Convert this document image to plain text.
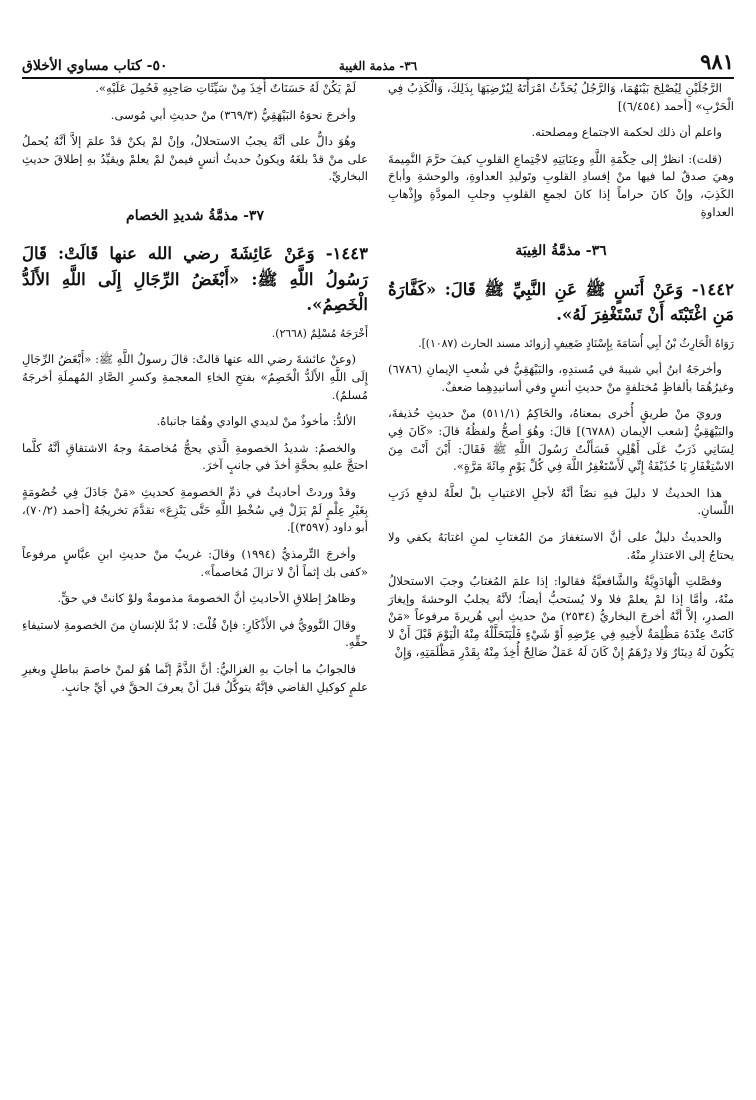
٩٨١
٣٦- مذمة الغيبة
٥٠- كتاب مساوي الأخلاق
الرَّجُلَيْنِ لِيُصْلِحَ بَيْنَهُمَا، وَالرَّجُلُ يُحَدِّثُ امْرَأَتَهُ لِيُرْضِيَهَا بِذَلِكَ، وَالْكَذِبُ فِي الْحَرْبِ» [أحمد (٦/٤٥٤)]
واعلم أن ذلك لحكمة الاجتماع ومصلحته.
(قلت): انظرْ إلى حِكْمَةِ اللَّهِ وعِنَايَتِهِ لاجْتِماعِ القلوبِ كيفَ حرَّمَ النَّمِيمةَ وهيَ صدقٌ لما فيها منْ إفسادِ القلوبِ وتَوليدِ العداوةِ، والوحشةِ وأباحَ الكَذِبَ، وإنْ كانَ حراماً إذا كانَ لجمعِ القلوبِ وجلبِ المودَّةِ وإِذْهابِ العداوةِ
٣٦- مذمَّةُ الغِيبَة
١٤٤٢- وَعَنْ أَنَسٍ ﷺ عَنِ النَّبِيِّ ﷺ قَالَ: «كَفَّارَةُ مَنِ اغْتَبْتَه أَنْ تَسْتَغْفِرَ لَهُ».
رَوَاهُ الْحَارِثُ بْنُ أَبِي أُسَامَةَ بِإِسْنَادٍ ضَعِيفٍ [زوائد مسند الحارث (١٠٨٧)].
وأخرجَهُ ابنُ أبي شيبةَ في مُسندِهِ، والبَيْهَقِيُّ في شُعبِ الإيمانِ (٦٧٨٦) وغيرُهُمَا بألفاظٍ مُختلفةٍ منْ حديثِ أنسٍ وفي أسانيدِهِما ضعفٌ.
ورويَ منْ طريقٍ أُخرى بمعناهُ، والحَاكِمُ (٥١١/١) منْ حديثِ حُذيفةَ، والبَيْهَقِيُّ [شعب الإيمان (٦٧٨٨)] قالَ: وهُوَ أصحُّ ولفظُهُ قالَ: «كَانَ فِي لِسَانِي ذَرَبٌ عَلَى أَهْلِي فَسَأَلْتُ رَسُولَ اللَّهِ ﷺ فَقَالَ: أَيْنَ أَنْتَ مِنَ الاسْتِغْفَارِ يَا حُذَيْفَةُ إِنِّي لَأَسْتَغْفِرُ اللَّهَ فِي كُلِّ يَوْمٍ مِائَةَ مَرَّةٍ».
هذا الحديثُ لا دليلَ فيهِ نصّاً أنَّهُ لأجلِ الاغتيابِ بلْ لعلَّهُ لدفعِ ذَرَبِ اللِّسانِ.
والحديثُ دليلٌ على أنَّ الاستغفارَ منَ المُغتابِ لمنِ اغتابَهُ يكفي ولا يحتاجُ إلى الاعتذارِ منْهُ.
وفصَّلتِ الْهَادَوِيَّةُ والشَّافعيَّةُ فقالوا: إذا علمَ المُغتابُ وجبَ الاستحلالُ منْهُ، وأمَّا إذا لمْ يعلمْ فلا ولا يُستحبُّ أيضاً؛ لأنَّهُ يجلبُ الوحشةَ وإيغارَ الصدرِ، إلاَّ أنَّهُ أخرجَ البخاريُّ (٢٥٣٤) منْ حديثِ أبي هُريرةَ مرفوعاً «مَنْ كَانَتْ عِنْدَهُ مَظْلِمَةٌ لأَخِيهِ فِي عِرْضِهِ أَوْ شَيْءٍ فَلْيَتَحَلَّلْهُ مِنْهُ الْيَوْمَ قَبْلَ أَنْ لا يَكُونَ لَهُ دِينَارٌ وَلا دِرْهَمٌ إِنْ كَانَ لَهُ عَمَلٌ صَالِحٌ أُخِذَ مِنْهُ بِقَدْرِ مَظْلَمَتِهِ، وَإِنْ
لَمْ يَكُنْ لَهُ حَسَنَاتٌ أُخِذَ مِنْ سَيِّئَاتِ صَاحِبِهِ فَحُمِلَ عَلَيْهِ».
وأخرجَ نحوَهُ البَيْهَقِيُّ (٣٦٩/٣) منْ حديثِ أبي مُوسى.
وهُوَ دالٌّ على أنَّهُ يجبُ الاستحلالُ، وإنْ لمْ يكنْ قدْ علمَ إلاَّ أنَّهُ يُحملُ على منْ قدْ بلغَهُ ويكونُ حديثُ أنسٍ فيمنْ لمْ يعلمْ ويقيِّدُ بهِ إطلاقَ حديثِ البخاريِّ.
٣٧- مذمَّةُ شديدِ الخصام
١٤٤٣- وَعَنْ عَائِشَةَ رضي الله عنها قَالَتْ: قَالَ رَسُولُ اللَّهِ ﷺ: «أَبْغَضُ الرِّجَالِ إِلَى اللَّهِ الأَلَدُّ الْخَصِمُ».
أَخْرَجَهُ مُسْلِمٌ (٢٦٦٨).
(وعنْ عائشةَ رضي الله عنها قالتْ: قالَ رسولُ اللَّهِ ﷺ: «أَبْغَضُ الرِّجَالِ إِلَى اللَّهِ الأَلَدُّ الْخَصِمُ» بفتحِ الخاءِ المعجمةِ وكسرِ الصَّادِ المُهملَةِ أخرجَهُ مُسلمٌ).
الألدُّ: مأخوذٌ منْ لديدي الوادي وهُمَا جانباهُ.
والخصمُ: شديدُ الخصومةِ الَّذي يحجُّ مُخاصمَهُ وجهُ الاشتقاقِ أنَّهُ كلَّما احتجَّ عليهِ بحجَّةٍ أخذَ في جانبٍ آخرَ.
وقدْ وردتْ أحاديثُ في ذمِّ الخصومةِ كحديثِ «مَنْ جَادَلَ فِي خُصُومَةٍ بِغَيْرِ عِلْمٍ لَمْ يَزَلْ فِي سُخْطِ اللَّهِ حَتَّى يَنْزِعَ» تقدَّمَ تخريجُهُ [أحمد (٧٠/٢)، أبو داود (٣٥٩٧)].
وأخرجَ التِّرمذيُّ (١٩٩٤) وقالَ: غريبٌ منْ حديثِ ابنِ عبَّاسٍ مرفوعاً «كفى بك إثماً أنْ لا تزالَ مُخاصماً».
وظاهرُ إطلاقِ الأحاديثِ أنَّ الخصومةَ مذمومةٌ ولوْ كانتْ في حقٍّ.
وقالَ النَّوويُّ في الأَذْكَارِ: فإنْ قُلْتَ: لا بُدَّ للإنسانِ منَ الخصومةِ لاستيفاءِ حقِّهِ.
فالجوابُ ما أجابَ بهِ الغزاليُّ: أنَّ الذَّمَّ إنَّما هُوَ لمنْ خاصمَ بباطلٍ وبغيرِ علمٍ كوكيلِ القاضي فإنَّهُ يتوكَّلُ قبلَ أنْ يعرفَ الحقَّ في أيِّ جانبٍ.
